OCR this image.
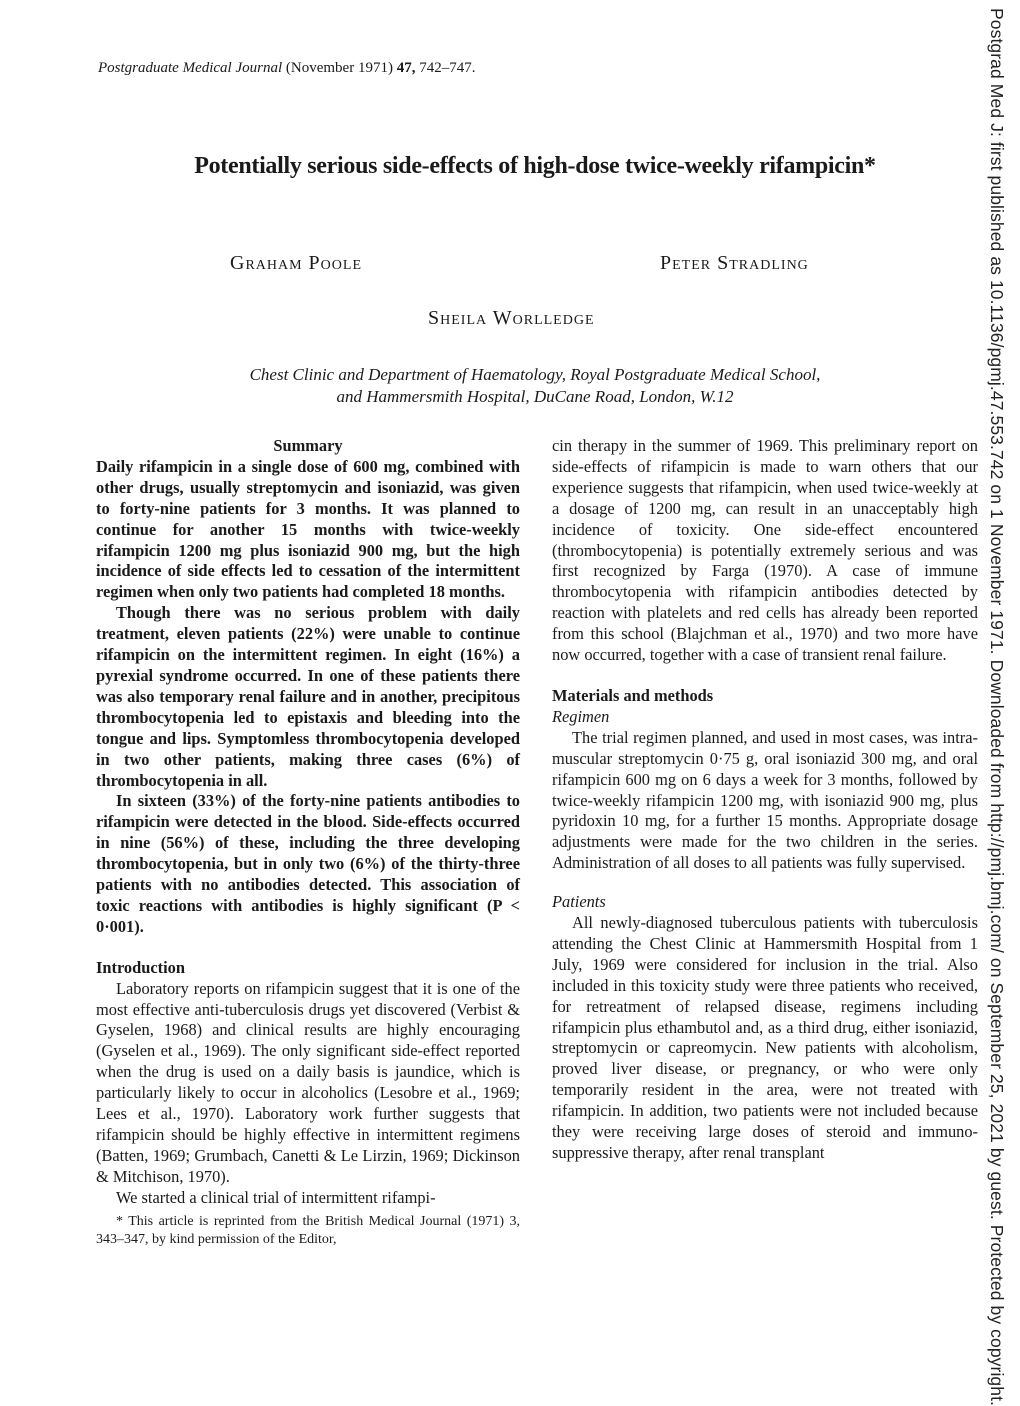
Postgraduate Medical Journal (November 1971) 47, 742–747.
Potentially serious side-effects of high-dose twice-weekly rifampicin*
Graham Poole	Peter Stradling
Sheila Worlledge
Chest Clinic and Department of Haematology, Royal Postgraduate Medical School,
and Hammersmith Hospital, DuCane Road, London, W.12

Summary

Daily rifampicin in a single dose of 600 mg, combined with other drugs, usually streptomycin and isoniazid, was given to forty-nine patients for 3 months. It was planned to continue for another 15 months with twice-weekly rifampicin 1200 mg plus isoniazid 900 mg, but the high incidence of side effects led to cessation of the intermittent regimen when only two patients had completed 18 months.

Though there was no serious problem with daily treatment, eleven patients (22%) were unable to continue rifampicin on the intermittent regimen. In eight (16%) a pyrexial syndrome occurred. In one of these patients there was also temporary renal failure and in another, precipitous thrombocytopenia led to epistaxis and bleeding into the tongue and lips. Symptomless thrombocytopenia developed in two other patients, making three cases (6%) of thrombocytopenia in all.

In sixteen (33%) of the forty-nine patients antibodies to rifampicin were detected in the blood. Side-effects occurred in nine (56%) of these, including the three developing thrombocytopenia, but in only two (6%) of the thirty-three patients with no antibodies detected. This association of toxic reactions with antibodies is highly significant (P < 0·001).

Introduction

Laboratory reports on rifampicin suggest that it is one of the most effective anti-tuberculosis drugs yet discovered (Verbist & Gyselen, 1968) and clinical results are highly encouraging (Gyselen et al., 1969). The only significant side-effect reported when the drug is used on a daily basis is jaundice, which is particularly likely to occur in alcoholics (Lesobre et al., 1969; Lees et al., 1970). Laboratory work further suggests that rifampicin should be highly effective in intermittent regimens (Batten, 1969; Grumbach, Canetti & Le Lirzin, 1969; Dickinson & Mitchison, 1970).

We started a clinical trial of intermittent rifampi-

* This article is reprinted from the British Medical Journal (1971) 3, 343–347, by kind permission of the Editor,

cin therapy in the summer of 1969. This preliminary report on side-effects of rifampicin is made to warn others that our experience suggests that rifampicin, when used twice-weekly at a dosage of 1200 mg, can result in an unacceptably high incidence of toxicity. One side-effect encountered (thrombocytopenia) is potentially extremely serious and was first recognized by Farga (1970). A case of immune thrombocytopenia with rifampicin antibodies detected by reaction with platelets and red cells has already been reported from this school (Blajchman et al., 1970) and two more have now occurred, together with a case of transient renal failure.

Materials and methods

Regimen

The trial regimen planned, and used in most cases, was intra-muscular streptomycin 0·75 g, oral isoniazid 300 mg, and oral rifampicin 600 mg on 6 days a week for 3 months, followed by twice-weekly rifampicin 1200 mg, with isoniazid 900 mg, plus pyridoxin 10 mg, for a further 15 months. Appropriate dosage adjustments were made for the two children in the series. Administration of all doses to all patients was fully supervised.

Patients

All newly-diagnosed tuberculous patients with tuberculosis attending the Chest Clinic at Hammersmith Hospital from 1 July, 1969 were considered for inclusion in the trial. Also included in this toxicity study were three patients who received, for retreatment of relapsed disease, regimens including rifampicin plus ethambutol and, as a third drug, either isoniazid, streptomycin or capreomycin. New patients with alcoholism, proved liver disease, or pregnancy, or who were only temporarily resident in the area, were not treated with rifampicin. In addition, two patients were not included because they were receiving large doses of steroid and immuno-suppressive therapy, after renal transplant	Postgrad Med J: first published as 10.1136/pgmj.47.553.742 on 1 November 1971. Downloaded from http://pmj.bmj.com/ on September 25, 2021 by guest. Protected by copyright.
